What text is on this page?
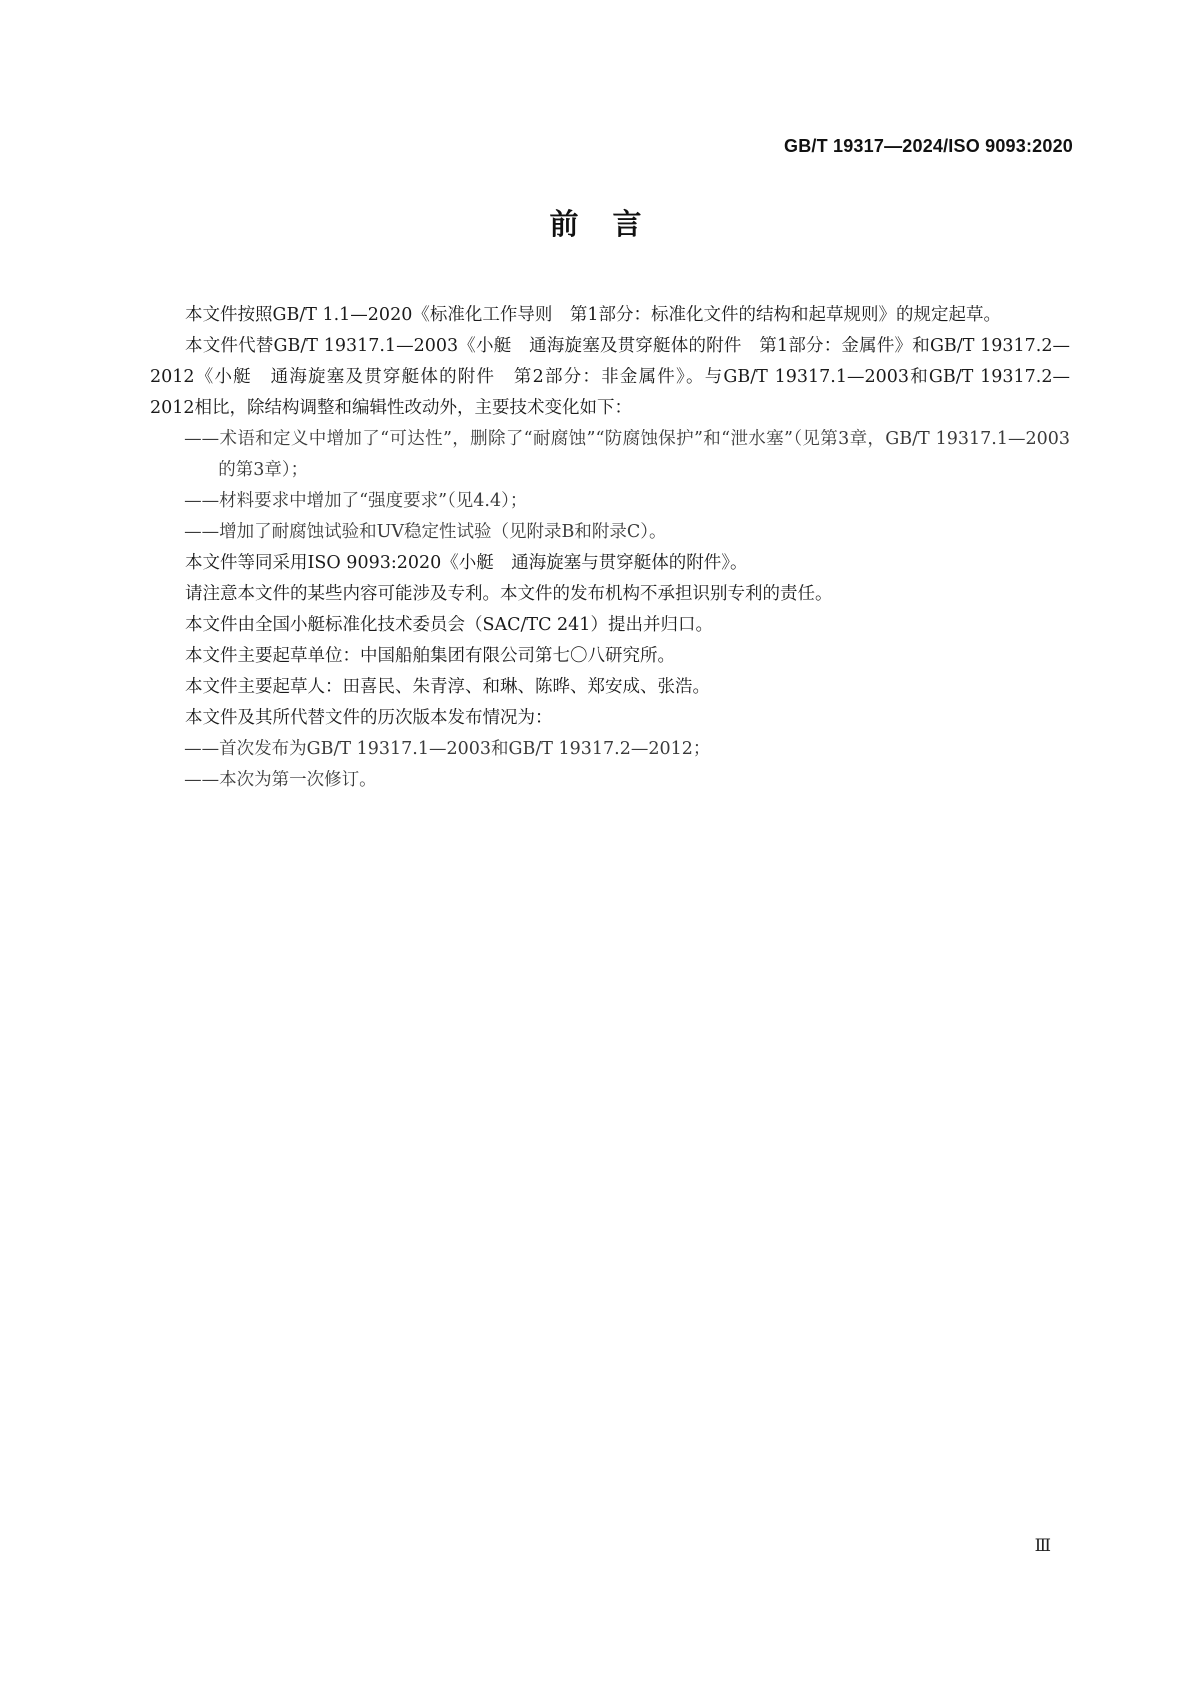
GB/T 19317—2024/ISO 9093:2020
前言

本文件按照GB/T 1.1—2020《标准化工作导则　第1部分：标准化文件的结构和起草规则》的规定起草。

本文件代替GB/T 19317.1—2003《小艇　通海旋塞及贯穿艇体的附件　第1部分：金属件》和GB/T 19317.2—2012《小艇　通海旋塞及贯穿艇体的附件　第2部分：非金属件》。与GB/T 19317.1—2003和GB/T 19317.2—2012相比，除结构调整和编辑性改动外，主要技术变化如下：

——术语和定义中增加了“可达性”，删除了“耐腐蚀”“防腐蚀保护”和“泄水塞”（见第3章，GB/T 19317.1—2003的第3章）；

——材料要求中增加了“强度要求”（见4.4）；

——增加了耐腐蚀试验和UV稳定性试验（见附录B和附录C）。

本文件等同采用ISO 9093:2020《小艇　通海旋塞与贯穿艇体的附件》。

请注意本文件的某些内容可能涉及专利。本文件的发布机构不承担识别专利的责任。

本文件由全国小艇标准化技术委员会（SAC/TC 241）提出并归口。

本文件主要起草单位：中国船舶集团有限公司第七〇八研究所。

本文件主要起草人：田喜民、朱青淳、和琳、陈晔、郑安成、张浩。

本文件及其所代替文件的历次版本发布情况为：

——首次发布为GB/T 19317.1—2003和GB/T 19317.2—2012；

——本次为第一次修订。

Ⅲ
